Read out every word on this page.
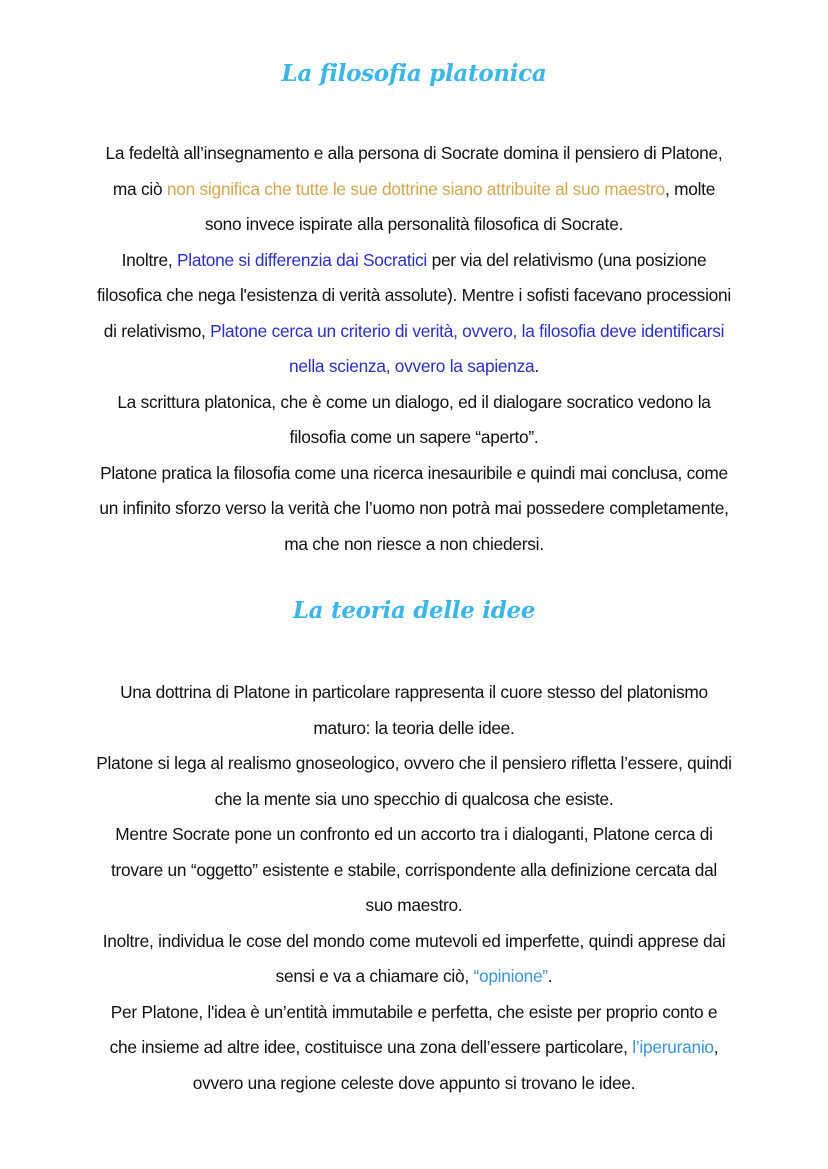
La filosofia platonica

La fedeltà all’insegnamento e alla persona di Socrate domina il pensiero di Platone, ma ciò non significa che tutte le sue dottrine siano attribuite al suo maestro, molte sono invece ispirate alla personalità filosofica di Socrate.

Inoltre, Platone si differenzia dai Socratici per via del relativismo (una posizione filosofica che nega l'esistenza di verità assolute). Mentre i sofisti facevano processioni di relativismo, Platone cerca un criterio di verità, ovvero, la filosofia deve identificarsi nella scienza, ovvero la sapienza.

La scrittura platonica, che è come un dialogo, ed il dialogare socratico vedono la filosofia come un sapere “aperto”.

Platone pratica la filosofia come una ricerca inesauribile e quindi mai conclusa, come un infinito sforzo verso la verità che l’uomo non potrà mai possedere completamente, ma che non riesce a non chiedersi.

La teoria delle idee

Una dottrina di Platone in particolare rappresenta il cuore stesso del platonismo maturo: la teoria delle idee.

Platone si lega al realismo gnoseologico, ovvero che il pensiero rifletta l’essere, quindi che la mente sia uno specchio di qualcosa che esiste.

Mentre Socrate pone un confronto ed un accorto tra i dialoganti, Platone cerca di trovare un “oggetto” esistente e stabile, corrispondente alla definizione cercata dal suo maestro.

Inoltre, individua le cose del mondo come mutevoli ed imperfette, quindi apprese dai sensi e va a chiamare ciò, “opinione”.

Per Platone, l'idea è un’entità immutabile e perfetta, che esiste per proprio conto e che insieme ad altre idee, costituisce una zona dell’essere particolare, l’iperuranio, ovvero una regione celeste dove appunto si trovano le idee.
